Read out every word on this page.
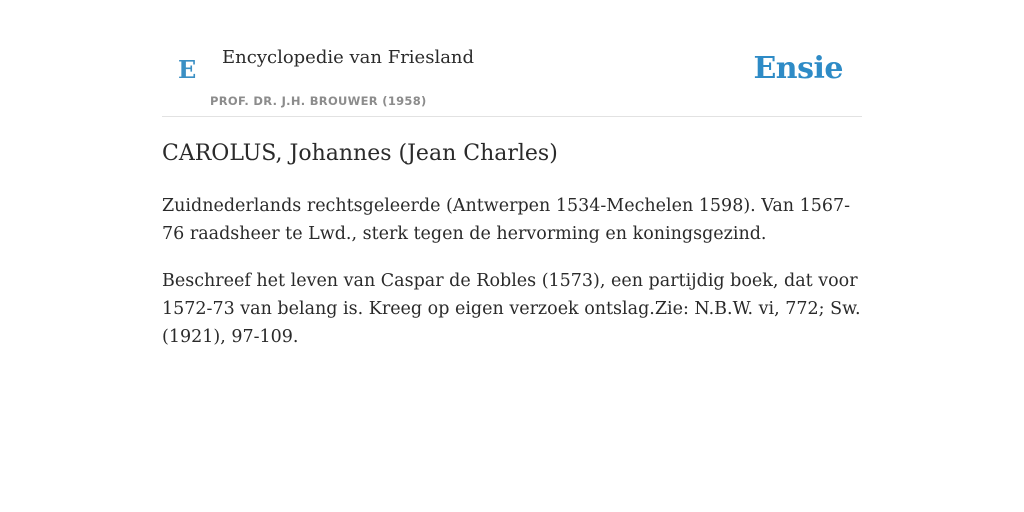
E Encyclopedie van Friesland
PROF. DR. J.H. BROUWER (1958)
Ensie
CAROLUS, Johannes (Jean Charles)

Zuidnederlands rechtsgeleerde (Antwerpen 1534-Mechelen 1598). Van 1567-76 raadsheer te Lwd., sterk tegen de hervorming en koningsgezind.

Beschreef het leven van Caspar de Robles (1573), een partijdig boek, dat voor 1572-73 van belang is. Kreeg op eigen verzoek ontslag.Zie: N.B.W. vi, 772; Sw. (1921), 97-109.
